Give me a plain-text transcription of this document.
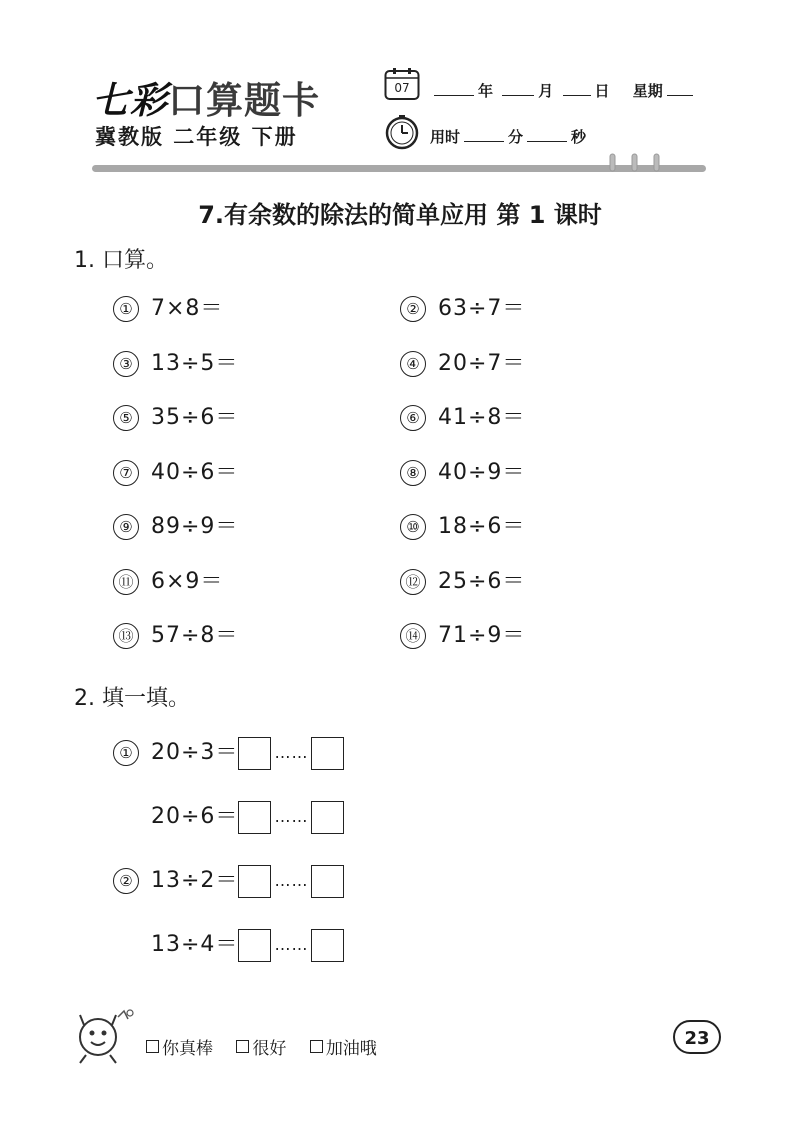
七彩口算题卡
冀教版 二年级 下册
07	年	月	日 星期
用时	分	秒
7.有余数的除法的简单应用 第 1 课时
1. 口算。
① 7×8＝	② 63÷7＝
③ 13÷5＝	④ 20÷7＝
⑤ 35÷6＝	⑥ 41÷8＝
⑦ 40÷6＝	⑧ 40÷9＝
⑨ 89÷9＝	⑩ 18÷6＝
⑪ 6×9＝	⑫ 25÷6＝
⑬ 57÷8＝	⑭ 71÷9＝
2. 填一填。
① 20÷3＝ ……
20÷6＝ ……
② 13÷2＝ ……
13÷4＝ ……
你真棒 很好 加油哦	23
